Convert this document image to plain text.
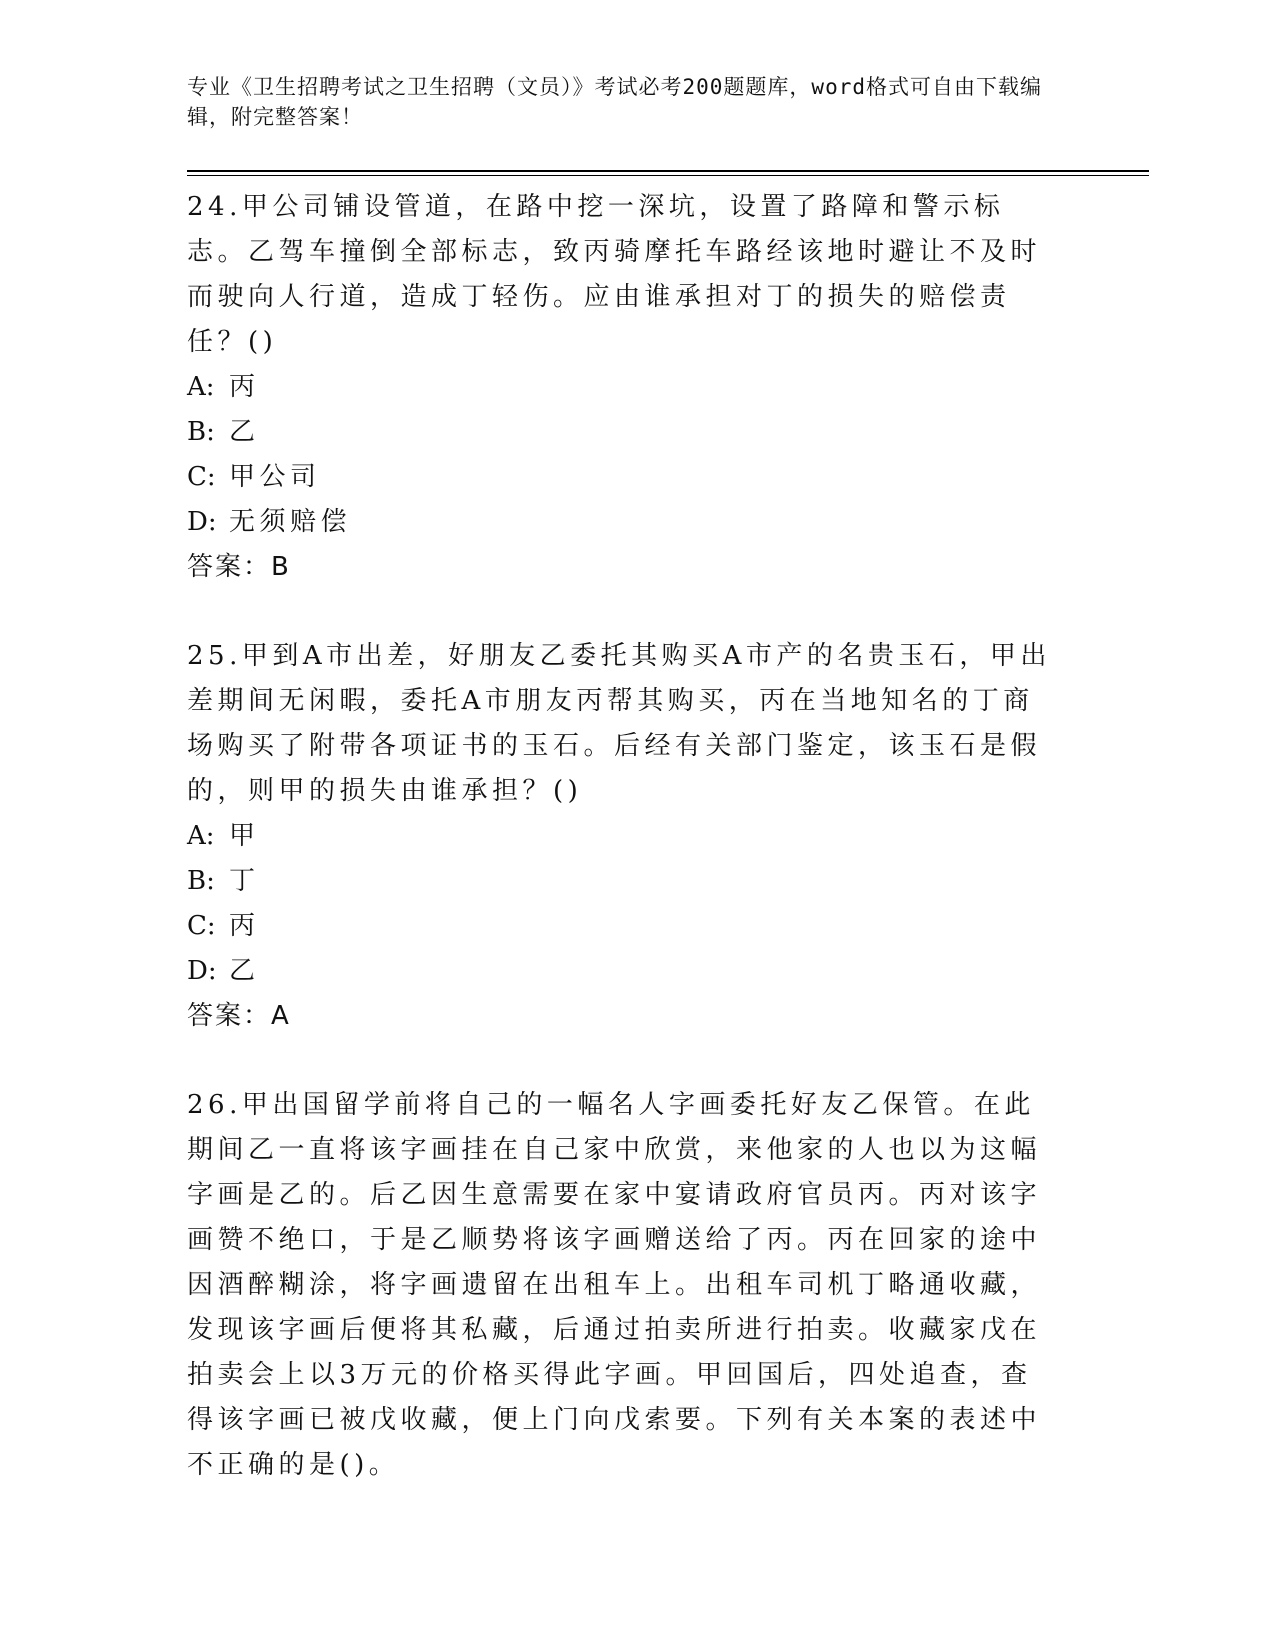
专业《卫生招聘考试之卫生招聘（文员）》考试必考200题题库，word格式可自由下载编辑，附完整答案！

24.甲公司铺设管道，在路中挖一深坑，设置了路障和警示标志。乙驾车撞倒全部标志，致丙骑摩托车路经该地时避让不及时而驶向人行道，造成丁轻伤。应由谁承担对丁的损失的赔偿责任？()

A: 丙
B: 乙
C: 甲公司
D: 无须赔偿
答案：B

25.甲到A市出差，好朋友乙委托其购买A市产的名贵玉石，甲出差期间无闲暇，委托A市朋友丙帮其购买，丙在当地知名的丁商场购买了附带各项证书的玉石。后经有关部门鉴定，该玉石是假的，则甲的损失由谁承担？()

A: 甲
B: 丁
C: 丙
D: 乙
答案：A

26.甲出国留学前将自己的一幅名人字画委托好友乙保管。在此期间乙一直将该字画挂在自己家中欣赏，来他家的人也以为这幅字画是乙的。后乙因生意需要在家中宴请政府官员丙。丙对该字画赞不绝口，于是乙顺势将该字画赠送给了丙。丙在回家的途中因酒醉糊涂，将字画遗留在出租车上。出租车司机丁略通收藏，发现该字画后便将其私藏，后通过拍卖所进行拍卖。收藏家戊在拍卖会上以3万元的价格买得此字画。甲回国后，四处追查，查得该字画已被戊收藏，便上门向戊索要。下列有关本案的表述中不正确的是()。
